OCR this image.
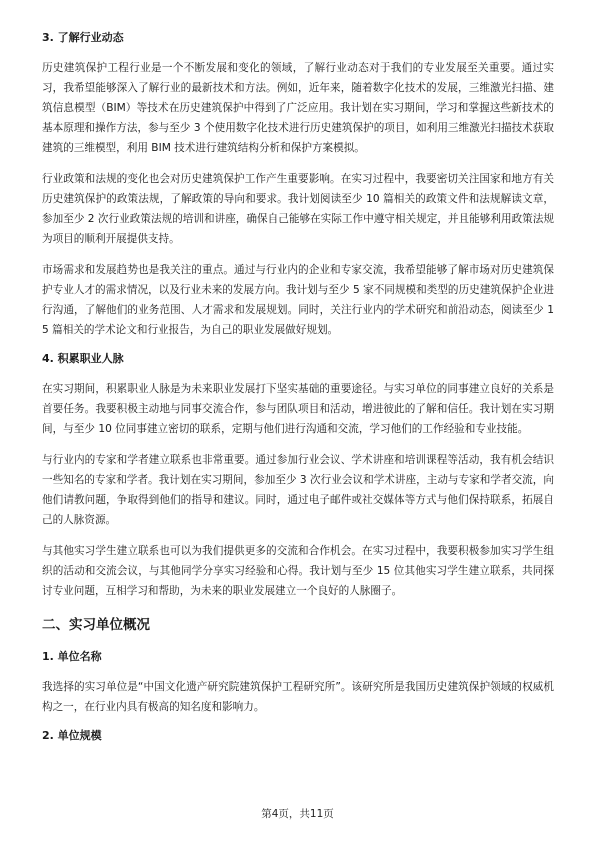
3. 了解行业动态

历史建筑保护工程行业是一个不断发展和变化的领域，了解行业动态对于我们的专业发展至关重要。通过实习，我希望能够深入了解行业的最新技术和方法。例如，近年来，随着数字化技术的发展，三维激光扫描、建筑信息模型（BIM）等技术在历史建筑保护中得到了广泛应用。我计划在实习期间，学习和掌握这些新技术的基本原理和操作方法，参与至少 3 个使用数字化技术进行历史建筑保护的项目，如利用三维激光扫描技术获取建筑的三维模型，利用 BIM 技术进行建筑结构分析和保护方案模拟。

行业政策和法规的变化也会对历史建筑保护工作产生重要影响。在实习过程中，我要密切关注国家和地方有关历史建筑保护的政策法规，了解政策的导向和要求。我计划阅读至少 10 篇相关的政策文件和法规解读文章，参加至少 2 次行业政策法规的培训和讲座，确保自己能够在实际工作中遵守相关规定，并且能够利用政策法规为项目的顺利开展提供支持。

市场需求和发展趋势也是我关注的重点。通过与行业内的企业和专家交流，我希望能够了解市场对历史建筑保护专业人才的需求情况，以及行业未来的发展方向。我计划与至少 5 家不同规模和类型的历史建筑保护企业进行沟通，了解他们的业务范围、人才需求和发展规划。同时，关注行业内的学术研究和前沿动态，阅读至少 15 篇相关的学术论文和行业报告，为自己的职业发展做好规划。

4. 积累职业人脉

在实习期间，积累职业人脉是为未来职业发展打下坚实基础的重要途径。与实习单位的同事建立良好的关系是首要任务。我要积极主动地与同事交流合作，参与团队项目和活动，增进彼此的了解和信任。我计划在实习期间，与至少 10 位同事建立密切的联系，定期与他们进行沟通和交流，学习他们的工作经验和专业技能。

与行业内的专家和学者建立联系也非常重要。通过参加行业会议、学术讲座和培训课程等活动，我有机会结识一些知名的专家和学者。我计划在实习期间，参加至少 3 次行业会议和学术讲座，主动与专家和学者交流，向他们请教问题，争取得到他们的指导和建议。同时，通过电子邮件或社交媒体等方式与他们保持联系，拓展自己的人脉资源。

与其他实习学生建立联系也可以为我们提供更多的交流和合作机会。在实习过程中，我要积极参加实习学生组织的活动和交流会议，与其他同学分享实习经验和心得。我计划与至少 15 位其他实习学生建立联系，共同探讨专业问题，互相学习和帮助，为未来的职业发展建立一个良好的人脉圈子。

二、实习单位概况
1. 单位名称

我选择的实习单位是“中国文化遗产研究院建筑保护工程研究所”。该研究所是我国历史建筑保护领域的权威机构之一，在行业内具有极高的知名度和影响力。

2. 单位规模
第4页，共11页
